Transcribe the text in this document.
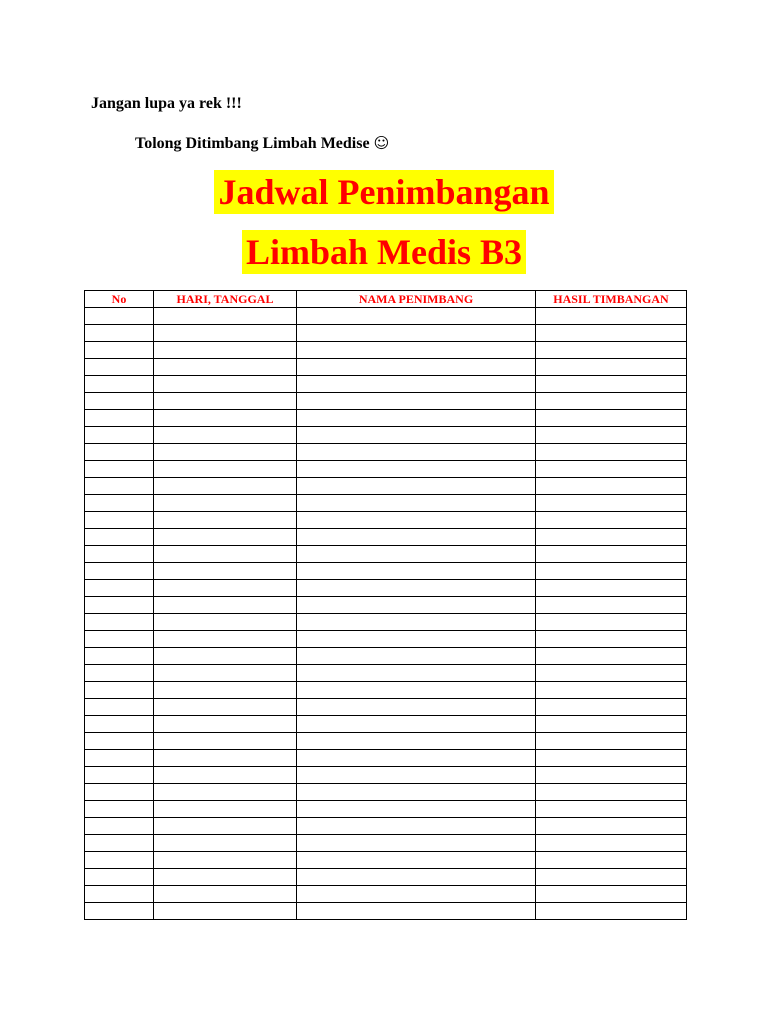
Jangan lupa ya rek !!!
Tolong Ditimbang Limbah Medise ☺
Jadwal Penimbangan
Limbah Medis B3
No	HARI, TANGGAL	NAMA PENIMBANG	HASIL TIMBANGAN
